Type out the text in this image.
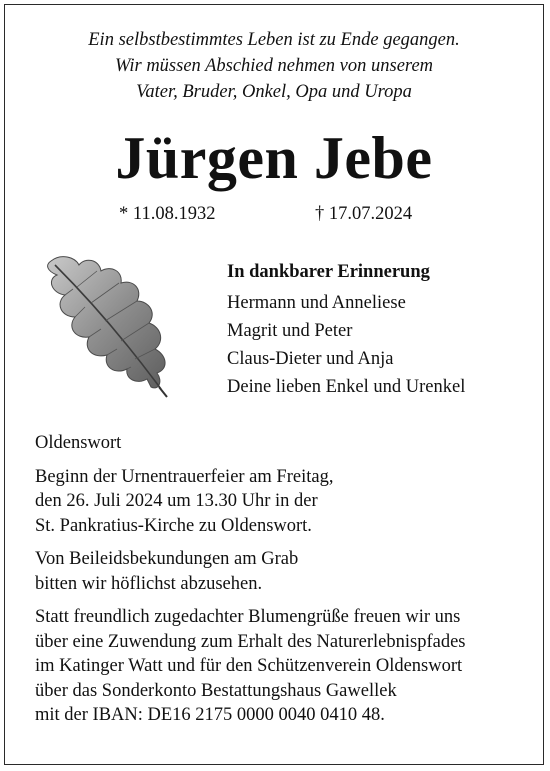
Ein selbstbestimmtes Leben ist zu Ende gegangen.
Wir müssen Abschied nehmen von unserem
Vater, Bruder, Onkel, Opa und Uropa
Jürgen Jebe
* 11.08.1932	† 17.07.2024
In dankbarer Erinnerung
Hermann und Anneliese
Magrit und Peter
Claus-Dieter und Anja
Deine lieben Enkel und Urenkel
Oldenswort
Beginn der Urnentrauerfeier am Freitag,
den 26. Juli 2024 um 13.30 Uhr in der
St. Pankratius-Kirche zu Oldenswort.
Von Beileidsbekundungen am Grab
bitten wir höflichst abzusehen.
Statt freundlich zugedachter Blumengrüße freuen wir uns
über eine Zuwendung zum Erhalt des Naturerlebnispfades
im Katinger Watt und für den Schützenverein Oldenswort
über das Sonderkonto Bestattungshaus Gawellek
mit der IBAN: DE16 2175 0000 0040 0410 48.
